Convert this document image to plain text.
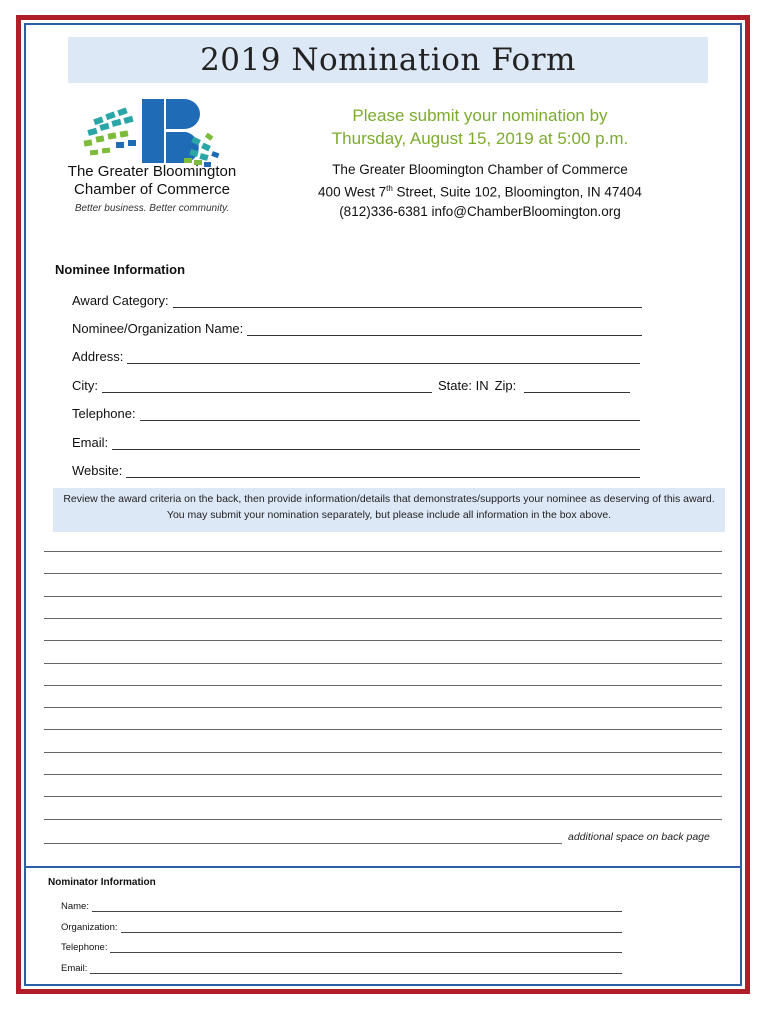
2019 Nomination Form
The Greater Bloomington
Chamber of Commerce
Better business. Better community.
Please submit your nomination by
Thursday, August 15, 2019 at 5:00 p.m.
The Greater Bloomington Chamber of Commerce
400 West 7th Street, Suite 102, Bloomington, IN 47404
(812)336-6381 info@ChamberBloomington.org
Nominee Information
Award Category:
Nominee/Organization Name:
Address:
City:	State: IN Zip:
Telephone:
Email:
Website:
Review the award criteria on the back, then provide information/details that demonstrates/supports your nominee as deserving of this award. You may submit your nomination separately, but please include all information in the box above.
additional space on back page
Nominator Information
Name:
Organization:
Telephone:
Email:
